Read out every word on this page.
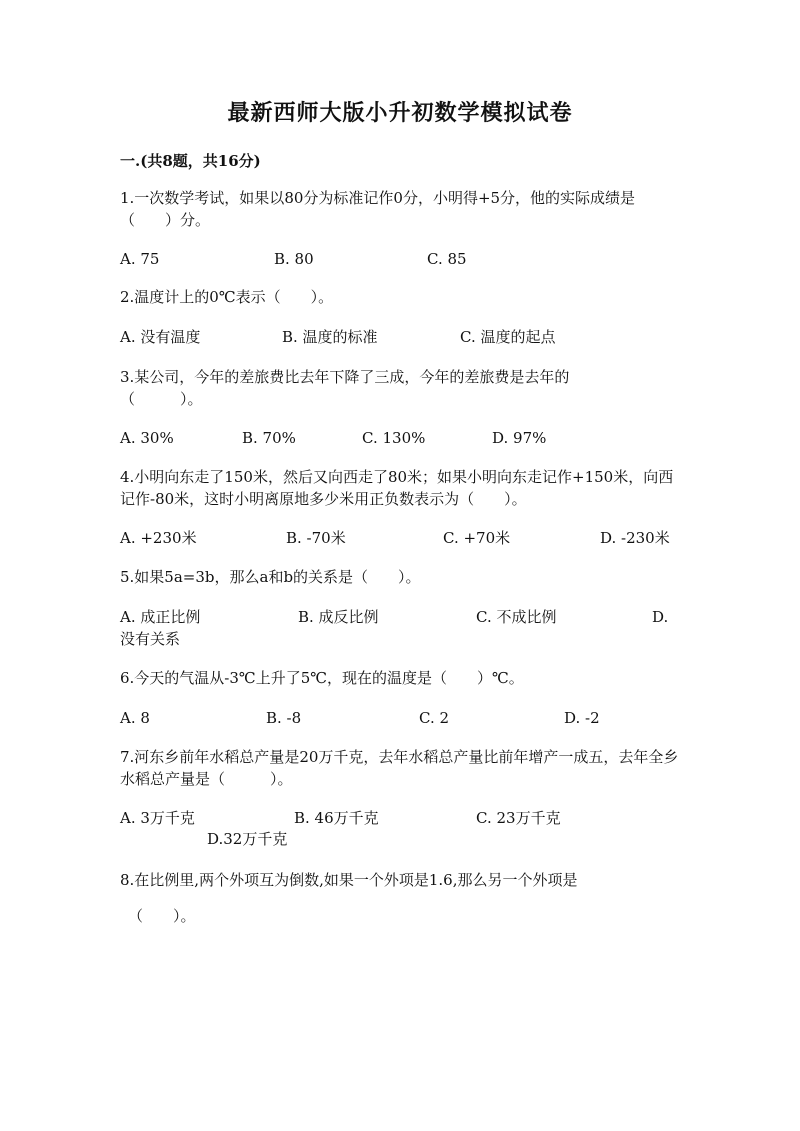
最新西师大版小升初数学模拟试卷
一.(共8题，共16分)
1.一次数学考试，如果以80分为标准记作0分，小明得+5分，他的实际成绩是（　　）分。
A. 75	B. 80	C. 85
2.温度计上的0℃表示（　　）。
A. 没有温度	B. 温度的标准	C. 温度的起点
3.某公司，今年的差旅费比去年下降了三成，今年的差旅费是去年的
（　　　）。
A. 30%	B. 70%	C. 130%	D. 97%
4.小明向东走了150米，然后又向西走了80米；如果小明向东走记作+150米，向西记作-80米，这时小明离原地多少米用正负数表示为（　　）。
A. +230米	B. -70米	C. +70米	D. -230米
5.如果5a=3b，那么a和b的关系是（　　）。
A. 成正比例	B. 成反比例	C. 不成比例	D.
没有关系
6.今天的气温从-3℃上升了5℃，现在的温度是（　　）℃。
A. 8	B. -8	C. 2	D. -2
7.河东乡前年水稻总产量是20万千克，去年水稻总产量比前年增产一成五，去年全乡水稻总产量是（　　　）。
A. 3万千克	B. 46万千克	C. 23万千克
D.32万千克
8.在比例里,两个外项互为倒数,如果一个外项是1.6,那么另一个外项是
（　　）。
